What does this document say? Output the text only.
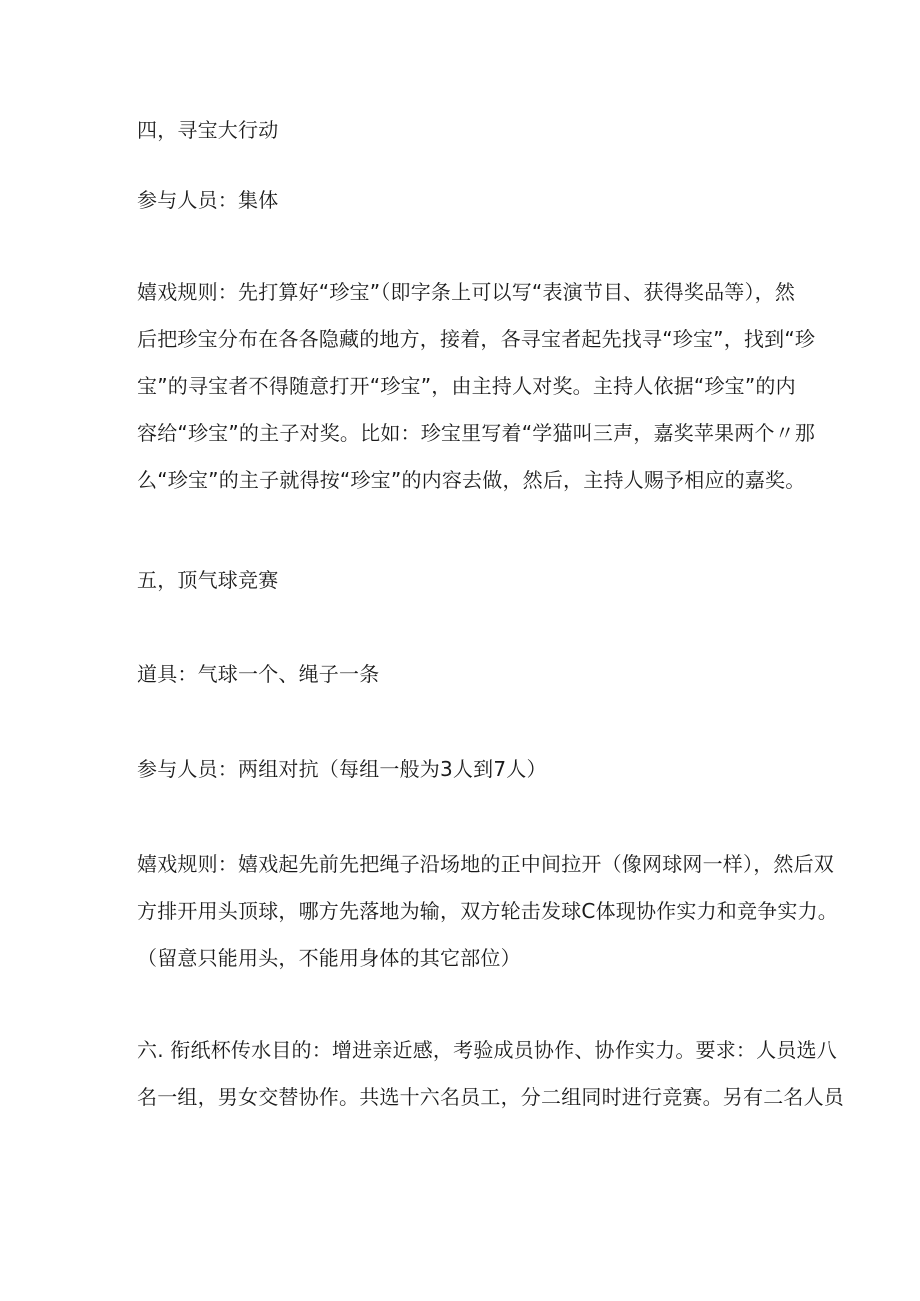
四，寻宝大行动
参与人员：集体
嬉戏规则：先打算好“珍宝”（即字条上可以写“表演节目、获得奖品等），然
后把珍宝分布在各各隐藏的地方，接着，各寻宝者起先找寻“珍宝”，找到“珍
宝”的寻宝者不得随意打开“珍宝”，由主持人对奖。主持人依据“珍宝”的内
容给“珍宝”的主子对奖。比如：珍宝里写着“学猫叫三声，嘉奖苹果两个〃那
么“珍宝”的主子就得按“珍宝”的内容去做，然后，主持人赐予相应的嘉奖。
五，顶气球竞赛
道具：气球一个、绳子一条
参与人员：两组对抗（每组一般为3人到7人）
嬉戏规则：嬉戏起先前先把绳子沿场地的正中间拉开（像网球网一样），然后双
方排开用头顶球，哪方先落地为输，双方轮击发球C体现协作实力和竞争实力。
（留意只能用头，不能用身体的其它部位）
六. 衔纸杯传水目的：增进亲近感，考验成员协作、协作实力。要求：人员选八
名一组，男女交替协作。共选十六名员工，分二组同时进行竞赛。另有二名人员
